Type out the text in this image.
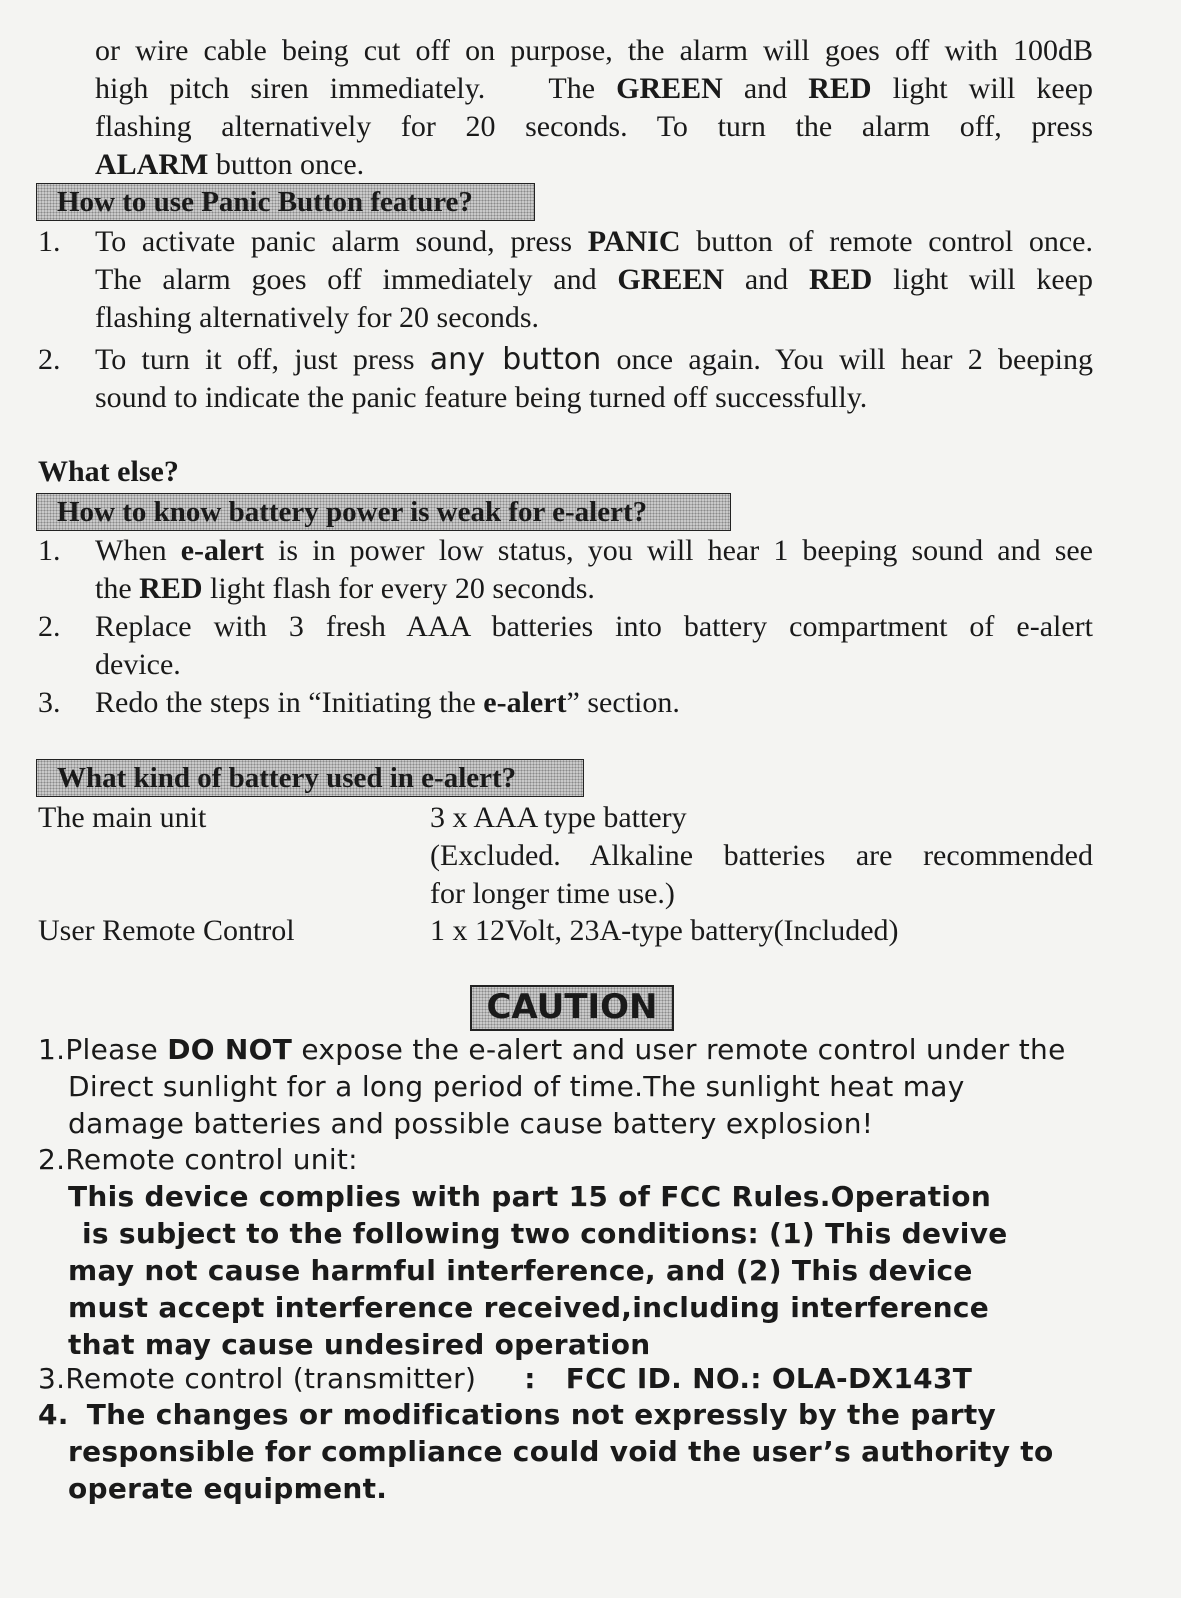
or wire cable being cut off on purpose, the alarm will goes off with 100dB
high pitch siren immediately. The GREEN and RED light will keep
flashing alternatively for 20 seconds. To turn the alarm off, press
ALARM button once.
How to use Panic Button feature?
1. To activate panic alarm sound, press PANIC button of remote control once.
The alarm goes off immediately and GREEN and RED light will keep
flashing alternatively for 20 seconds.
2. To turn it off, just press any button once again. You will hear 2 beeping
sound to indicate the panic feature being turned off successfully.
What else?
How to know battery power is weak for e-alert?
1. When e-alert is in power low status, you will hear 1 beeping sound and see
the RED light flash for every 20 seconds.
2. Replace with 3 fresh AAA batteries into battery compartment of e-alert
device.
3. Redo the steps in “Initiating the e-alert” section.
What kind of battery used in e-alert?
The main unit	3 x AAA type battery
(Excluded. Alkaline batteries are recommended
for longer time use.)
User Remote Control	1 x 12Volt, 23A-type battery(Included)
CAUTION
1.Please DO NOT expose the e-alert and user remote control under the
Direct sunlight for a long period of time.The sunlight heat may
damage batteries and possible cause battery explosion!
2.Remote control unit:
This device complies with part 15 of FCC Rules.Operation
is subject to the following two conditions: (1) This devive
may not cause harmful interference, and (2) This device
must accept interference received,including interference
that may cause undesired operation
3.Remote control (transmitter) : FCC ID. NO.: OLA-DX143T
4. The changes or modifications not expressly by the party
responsible for compliance could void the user’s authority to
operate equipment.
